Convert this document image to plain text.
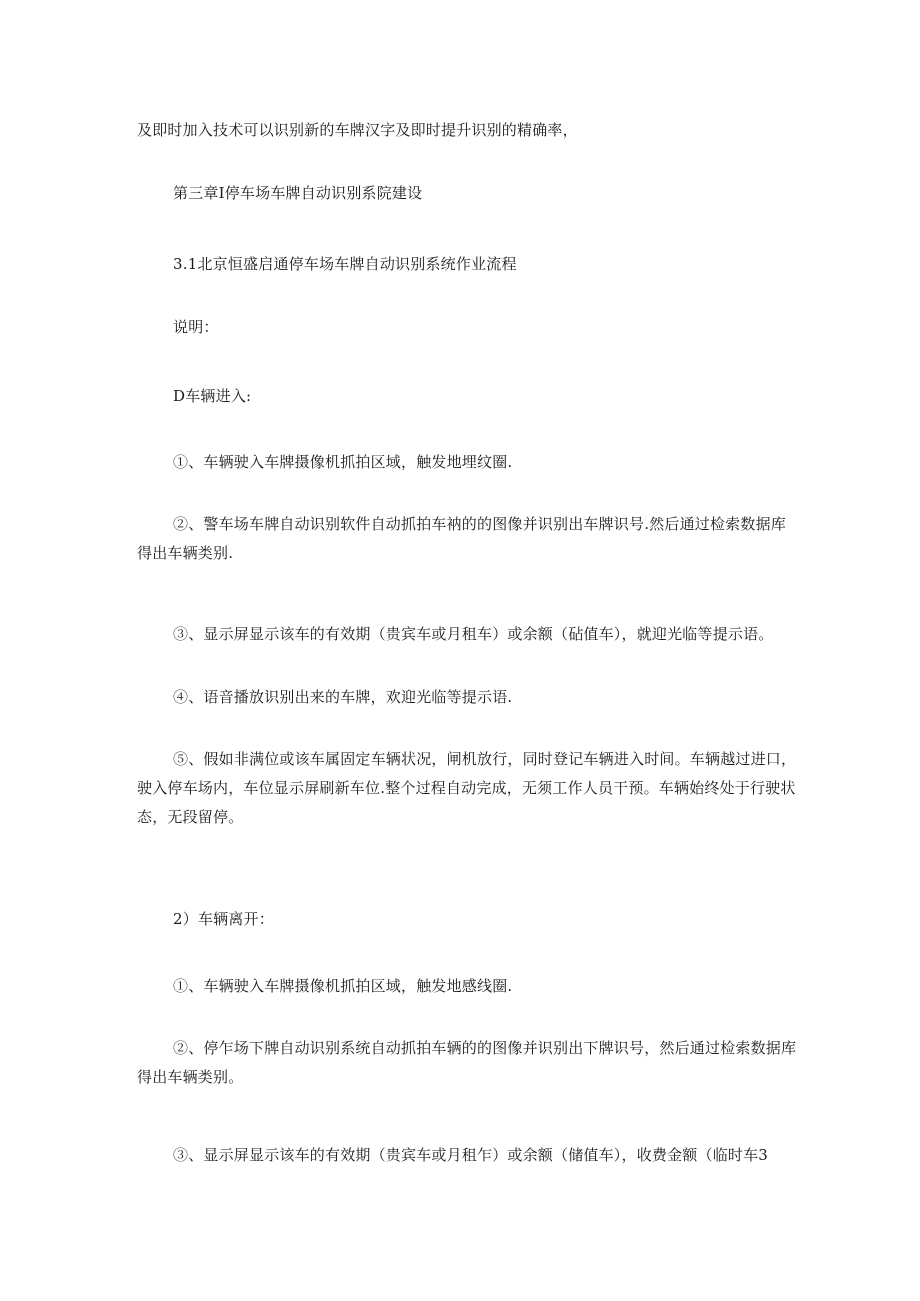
及即时加入技术可以识别新的车牌汉字及即时提升识别的精确率，

第三章I停车场车牌自动识别系院建设

3.1北京恒盛启通停车场车牌自动识别系统作业流程

说明：

D车辆进入:

①、车辆驶入车牌摄像机抓拍区域，触发地埋纹圈.

②、警车场车牌自动识别软件自动抓拍车衲的的图像并识别出车牌识号.然后通过检索数据库得出车辆类别.

③、显示屏显示该车的有效期（贵宾车或月租车）或余额（砧值车），就迎光临等提示语。

④、语音播放识别出来的车牌，欢迎光临等提示语.

⑤、假如非满位或该车属固定车辆状况，闸机放行，同时登记车辆进入时间。车辆越过进口，驶入停车场内，车位显示屏刷新车位.整个过程自动完成，无须工作人员干预。车辆始终处于行驶状态，无段留停。

2）车辆离开：

①、车辆驶入车牌摄像机抓拍区域，触发地感线圈.

②、停乍场下牌自动识别系统自动抓拍车辆的的图像并识别出下牌识号，然后通过检索数据库得出车辆类别。

③、显示屏显示该车的有效期（贵宾车或月租乍）或余额（储值车），收费金额（临时车3
